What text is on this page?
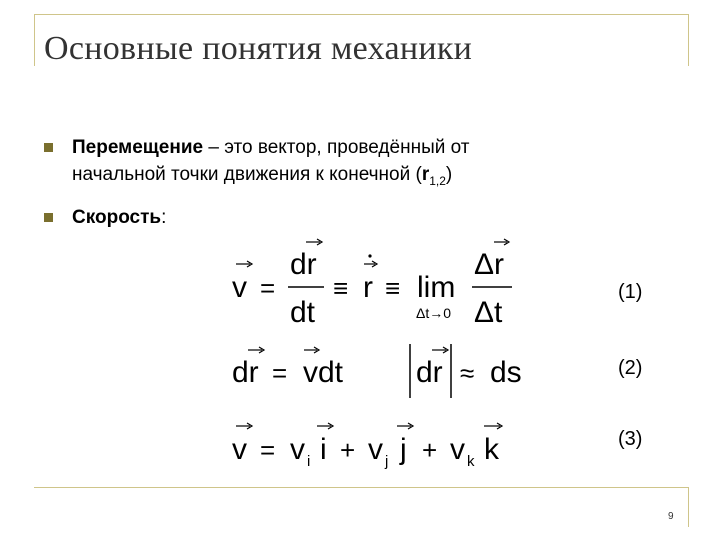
Основные понятия механики
Перемещение – это вектор, проведённый от
начальной точки движения к конечной $(r_{1,2})$
Скорость:
v =
dr
dt
≡ r ≡ lim
Δt→0
Δr
Δt
dr = vdt dr ≈ ds
v = v i i + v j j + v k k
(1)
(2)
(3)
9
